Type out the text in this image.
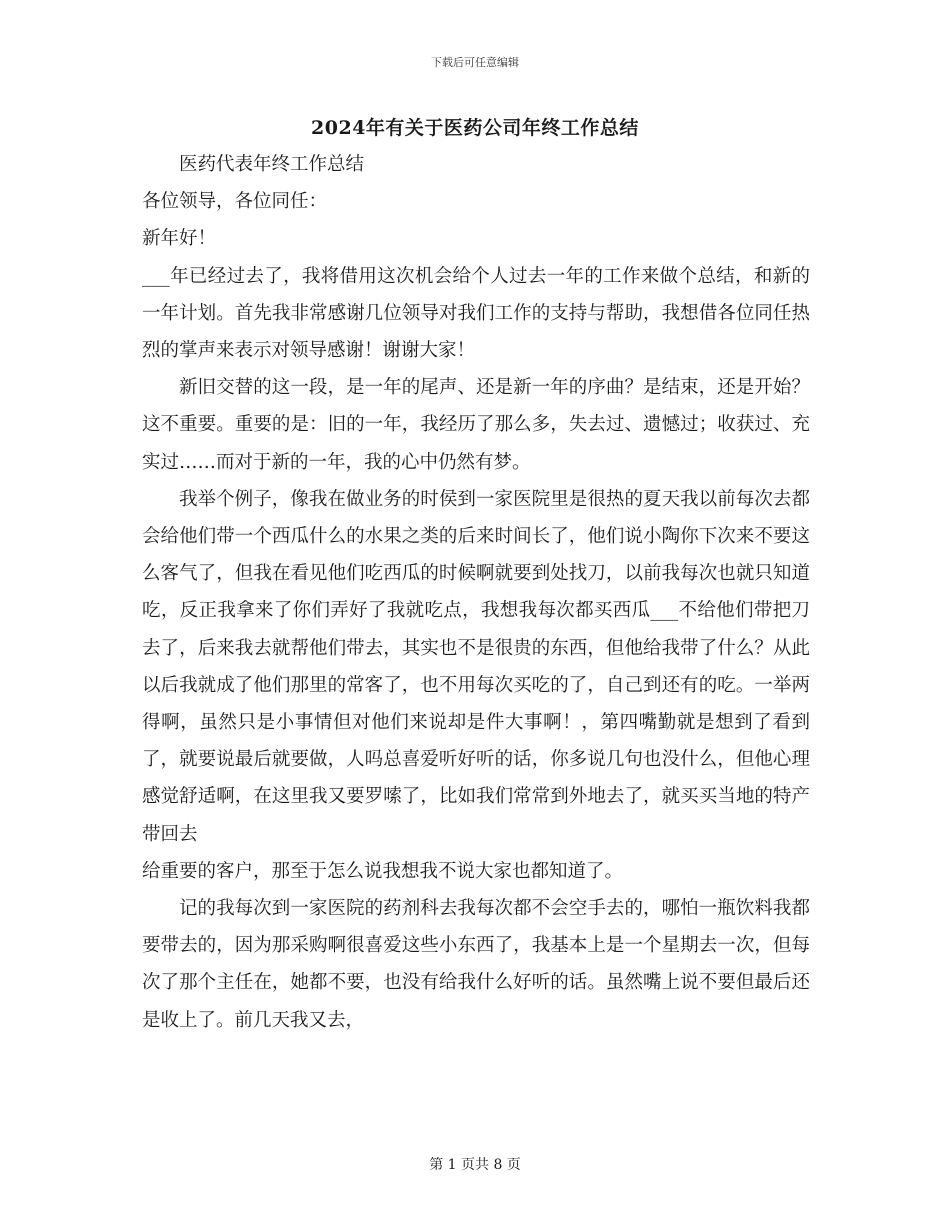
下载后可任意编辑
2024年有关于医药公司年终工作总结

医药代表年终工作总结

各位领导，各位同任：

新年好！

___年已经过去了，我将借用这次机会给个人过去一年的工作来做个总结，和新的一年计划。首先我非常感谢几位领导对我们工作的支持与帮助，我想借各位同任热烈的掌声来表示对领导感谢！谢谢大家！

新旧交替的这一段，是一年的尾声、还是新一年的序曲？是结束，还是开始？这不重要。重要的是：旧的一年，我经历了那么多，失去过、遗憾过；收获过、充实过……而对于新的一年，我的心中仍然有梦。

我举个例子，像我在做业务的时侯到一家医院里是很热的夏天我以前每次去都会给他们带一个西瓜什么的水果之类的后来时间长了，他们说小陶你下次来不要这么客气了，但我在看见他们吃西瓜的时候啊就要到处找刀，以前我每次也就只知道吃，反正我拿来了你们弄好了我就吃点，我想我每次都买西瓜___不给他们带把刀去了，后来我去就帮他们带去，其实也不是很贵的东西，但他给我带了什么？从此以后我就成了他们那里的常客了，也不用每次买吃的了，自己到还有的吃。一举两得啊，虽然只是小事情但对他们来说却是件大事啊！，第四嘴勤就是想到了看到了，就要说最后就要做，人吗总喜爱听好听的话，你多说几句也没什么，但他心理感觉舒适啊，在这里我又要罗嗦了，比如我们常常到外地去了，就买买当地的特产带回去

给重要的客户，那至于怎么说我想我不说大家也都知道了。

记的我每次到一家医院的药剂科去我每次都不会空手去的，哪怕一瓶饮料我都要带去的，因为那采购啊很喜爱这些小东西了，我基本上是一个星期去一次，但每次了那个主任在，她都不要，也没有给我什么好听的话。虽然嘴上说不要但最后还是收上了。前几天我又去，

第 1 页共 8 页
